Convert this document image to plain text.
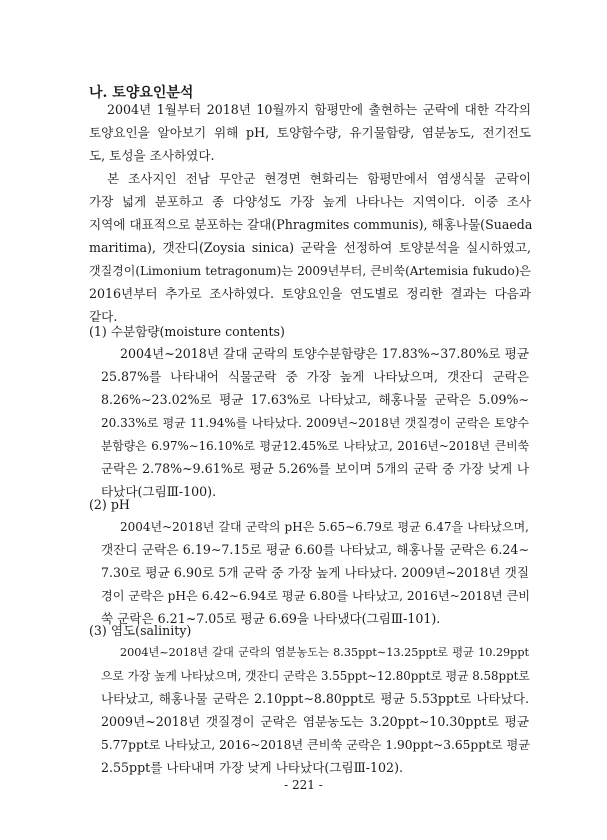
나. 토양요인분석
2004년 1월부터 2018년 10월까지 함평만에 출현하는 군락에 대한 각각의
토양요인을 알아보기 위해 pH, 토양함수량, 유기물함량, 염분농도, 전기전도
도, 토성을 조사하였다.
본 조사지인 전남 무안군 현경면 현화리는 함평만에서 염생식물 군락이
가장 넓게 분포하고 종 다양성도 가장 높게 나타나는 지역이다. 이중 조사
지역에 대표적으로 분포하는 갈대(Phragmites communis), 해홍나물(Suaeda
maritima), 갯잔디(Zoysia sinica) 군락을 선정하여 토양분석을 실시하였고,
갯질경이(Limonium tetragonum)는 2009년부터, 큰비쑥(Artemisia fukudo)은
2016년부터 추가로 조사하였다. 토양요인을 연도별로 정리한 결과는 다음과
같다.
(1) 수분함량(moisture contents)
2004년~2018년 갈대 군락의 토양수분함량은 17.83%∼37.80%로 평균
25.87%를 나타내어 식물군락 중 가장 높게 나타났으며, 갯잔디 군락은
8.26%∼23.02%로 평균 17.63%로 나타났고, 해홍나물 군락은 5.09%∼
20.33%로 평균 11.94%를 나타났다. 2009년~2018년 갯질경이 군락은 토양수
분함량은 6.97%∼16.10%로 평균12.45%로 나타났고, 2016년~2018년 큰비쑥
군락은 2.78%~9.61%로 평균 5.26%를 보이며 5개의 군락 중 가장 낮게 나
타났다(그림Ⅲ-100).
(2) pH
2004년~2018년 갈대 군락의 pH은 5.65∼6.79로 평균 6.47을 나타났으며,
갯잔디 군락은 6.19∼7.15로 평균 6.60를 나타났고, 해홍나물 군락은 6.24∼
7.30로 평균 6.90로 5개 군락 중 가장 높게 나타났다. 2009년~2018년 갯질
경이 군락은 pH은 6.42∼6.94로 평균 6.80를 나타났고, 2016년~2018년 큰비
쑥 군락은 6.21~7.05로 평균 6.69을 나타냈다(그림Ⅲ-101).
(3) 염도(salinity)
2004년~2018년 갈대 군락의 염분농도는 8.35ppt∼13.25ppt로 평균 10.29ppt
으로 가장 높게 나타났으며, 갯잔디 군락은 3.55ppt∼12.80ppt로 평균 8.58ppt로
나타났고, 해홍나물 군락은 2.10ppt∼8.80ppt로 평균 5.53ppt로 나타났다.
2009년~2018년 갯질경이 군락은 염분농도는 3.20ppt∼10.30ppt로 평균
5.77ppt로 나타났고, 2016~2018년 큰비쑥 군락은 1.90ppt~3.65ppt로 평균
2.55ppt를 나타내며 가장 낮게 나타났다(그림Ⅲ-102).
- 221 -
